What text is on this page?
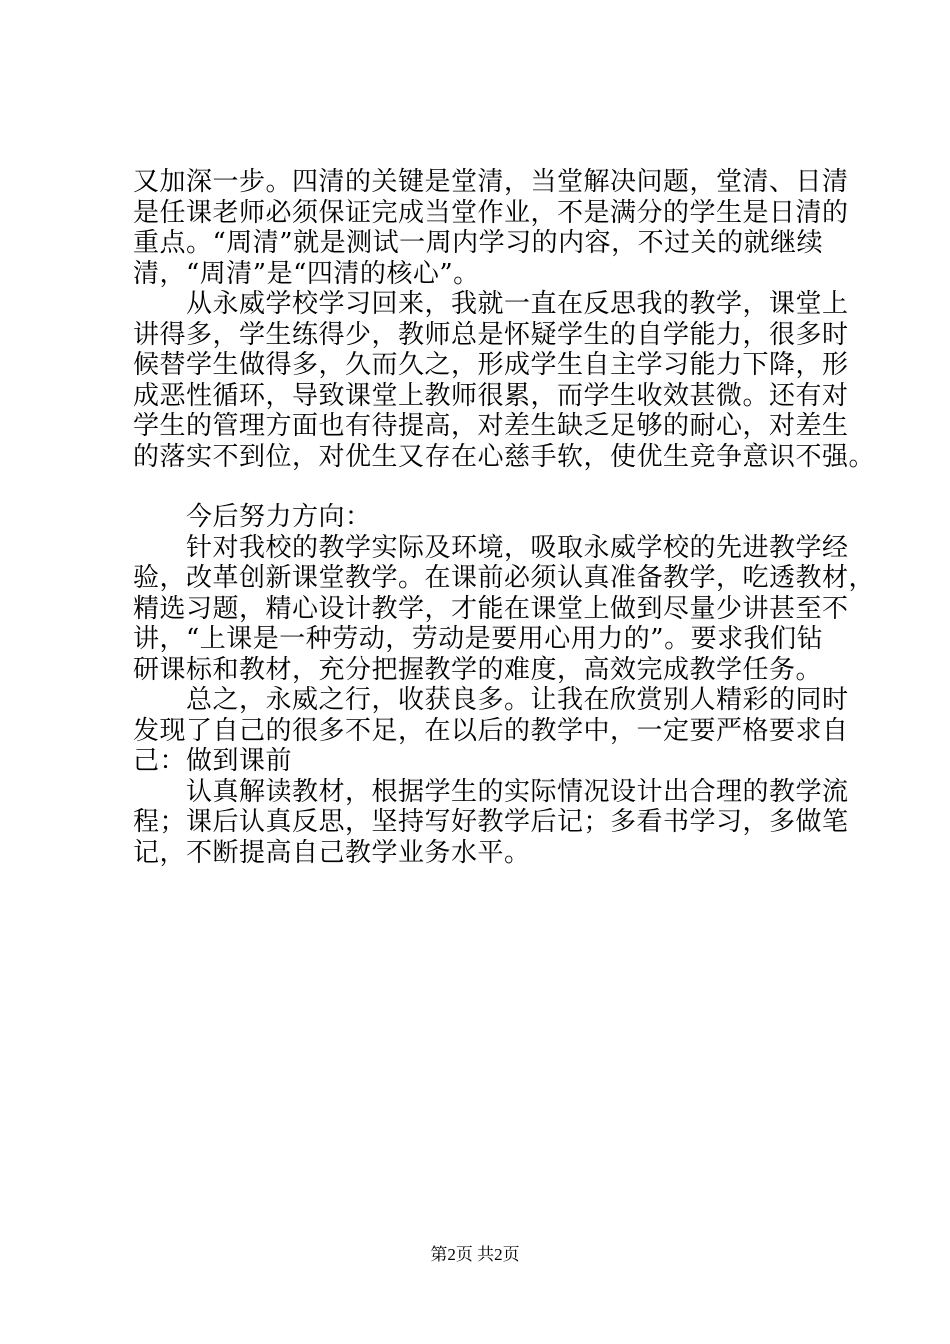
又加深一步。四清的关键是堂清，当堂解决问题，堂清、日清
是任课老师必须保证完成当堂作业，不是满分的学生是日清的
重点。“周清”就是测试一周内学习的内容，不过关的就继续
清，“周清”是“四清的核心”。

　　从永威学校学习回来，我就一直在反思我的教学，课堂上
讲得多，学生练得少，教师总是怀疑学生的自学能力，很多时
候替学生做得多，久而久之，形成学生自主学习能力下降，形
成恶性循环，导致课堂上教师很累，而学生收效甚微。还有对
学生的管理方面也有待提高，对差生缺乏足够的耐心，对差生
的落实不到位，对优生又存在心慈手软，使优生竞争意识不强。

　　今后努力方向：

　　针对我校的教学实际及环境，吸取永威学校的先进教学经
验，改革创新课堂教学。在课前必须认真准备教学，吃透教材，
精选习题，精心设计教学，才能在课堂上做到尽量少讲甚至不
讲，“上课是一种劳动，劳动是要用心用力的”。要求我们钻
研课标和教材，充分把握教学的难度，高效完成教学任务。

　　总之，永威之行，收获良多。让我在欣赏别人精彩的同时
发现了自己的很多不足，在以后的教学中，一定要严格要求自
己：做到课前

　　认真解读教材，根据学生的实际情况设计出合理的教学流
程；课后认真反思，坚持写好教学后记；多看书学习，多做笔
记，不断提高自己教学业务水平。

第2页 共2页
